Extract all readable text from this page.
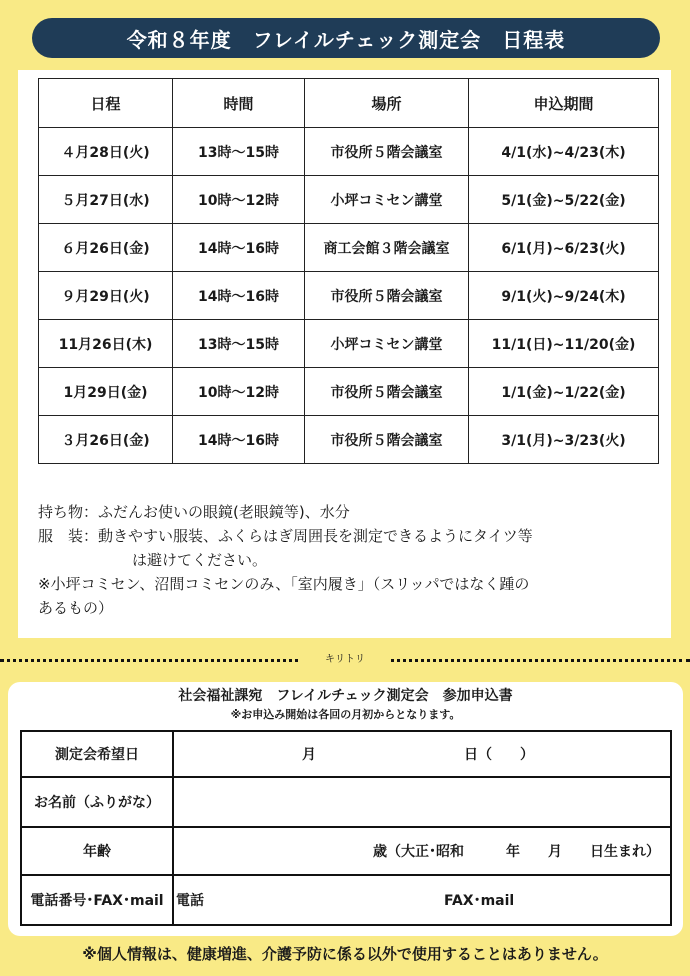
令和８年度　フレイルチェック測定会　日程表
日程	時間	場所	申込期間
４月28日(火)	13時〜15時	市役所５階会議室	4/1(水)~4/23(木)
５月27日(水)	10時〜12時	小坪コミセン講堂	5/1(金)~5/22(金)
６月26日(金)	14時〜16時	商工会館３階会議室	6/1(月)~6/23(火)
９月29日(火)	14時〜16時	市役所５階会議室	9/1(火)~9/24(木)
11月26日(木)	13時〜15時	小坪コミセン講堂	11/1(日)~11/20(金)
1月29日(金)	10時〜12時	市役所５階会議室	1/1(金)~1/22(金)
３月26日(金)	14時〜16時	市役所５階会議室	3/1(月)~3/23(火)

持ち物：ふだんお使いの眼鏡(老眼鏡等)、水分

服　装：動きやすい服装、ふくらはぎ周囲長を測定できるようにタイツ等

は避けてください。

※小坪コミセン、沼間コミセンのみ、「室内履き」（スリッパではなく踵の

あるもの）

キリトリ
社会福祉課宛　フレイルチェック測定会　参加申込書
※お申込み開始は各回の月初からとなります。
測定会希望日	月 日（　　）

お名前（ふりがな）	
年齢	歳（大正･昭和　　　年　　月　　日生まれ）

電話番号･FAX･mail	電話 FAX･mail
※個人情報は、健康増進、介護予防に係る以外で使用することはありません。
